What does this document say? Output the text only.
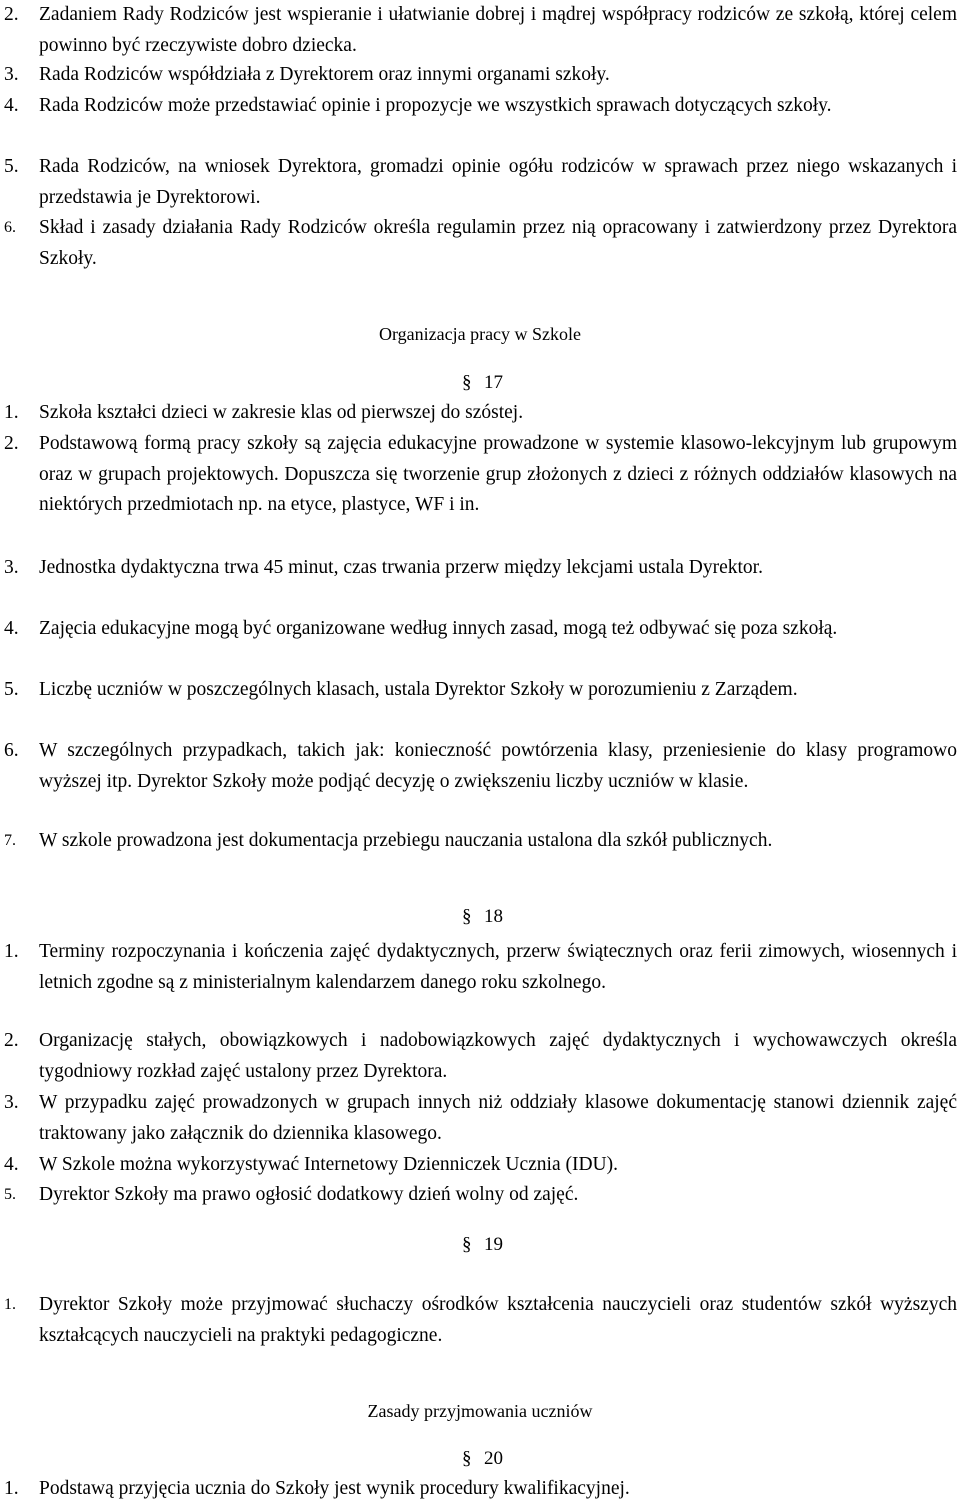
2.	Zadaniem Rady Rodziców jest wspieranie i ułatwianie dobrej i mądrej współpracy rodziców ze szkołą, której celem powinno być rzeczywiste dobro dziecka.
3.	Rada Rodziców współdziała z Dyrektorem oraz innymi organami szkoły.
4.	Rada Rodziców może przedstawiać opinie i propozycje we wszystkich sprawach dotyczących szkoły.
5.	Rada Rodziców, na wniosek Dyrektora, gromadzi opinie ogółu rodziców w sprawach przez niego wskazanych i przedstawia je Dyrektorowi.
6.	Skład i zasady działania Rady Rodziców określa regulamin przez nią opracowany i zatwierdzony przez Dyrektora Szkoły.
Organizacja pracy w Szkole
§ 17
1.	Szkoła kształci dzieci w zakresie klas od pierwszej do szóstej.
2.	Podstawową formą pracy szkoły są zajęcia edukacyjne prowadzone w systemie klasowo-lekcyjnym lub grupowym oraz w grupach projektowych. Dopuszcza się tworzenie grup złożonych z dzieci z różnych oddziałów klasowych na niektórych przedmiotach np. na etyce, plastyce, WF i in.
3.	Jednostka dydaktyczna trwa 45 minut, czas trwania przerw między lekcjami ustala Dyrektor.
4.	Zajęcia edukacyjne mogą być organizowane według innych zasad, mogą też odbywać się poza szkołą.
5.	Liczbę uczniów w poszczególnych klasach, ustala Dyrektor Szkoły w porozumieniu z Zarządem.
6.	W szczególnych przypadkach, takich jak: konieczność powtórzenia klasy, przeniesienie do klasy programowo wyższej itp. Dyrektor Szkoły może podjąć decyzję o zwiększeniu liczby uczniów w klasie.
7.	W szkole prowadzona jest dokumentacja przebiegu nauczania ustalona dla szkół publicznych.
§ 18
1.	Terminy rozpoczynania i kończenia zajęć dydaktycznych, przerw świątecznych oraz ferii zimowych, wiosennych i letnich zgodne są z ministerialnym kalendarzem danego roku szkolnego.
2.	Organizację stałych, obowiązkowych i nadobowiązkowych zajęć dydaktycznych i wychowawczych określa tygodniowy rozkład zajęć ustalony przez Dyrektora.
3.	W przypadku zajęć prowadzonych w grupach innych niż oddziały klasowe dokumentację stanowi dziennik zajęć traktowany jako załącznik do dziennika klasowego.
4.	W Szkole można wykorzystywać Internetowy Dzienniczek Ucznia (IDU).
5.	Dyrektor Szkoły ma prawo ogłosić dodatkowy dzień wolny od zajęć.
§ 19
1.	Dyrektor Szkoły może przyjmować słuchaczy ośrodków kształcenia nauczycieli oraz studentów szkół wyższych kształcących nauczycieli na praktyki pedagogiczne.
Zasady przyjmowania uczniów
§ 20
1.	Podstawą przyjęcia ucznia do Szkoły jest wynik procedury kwalifikacyjnej.
